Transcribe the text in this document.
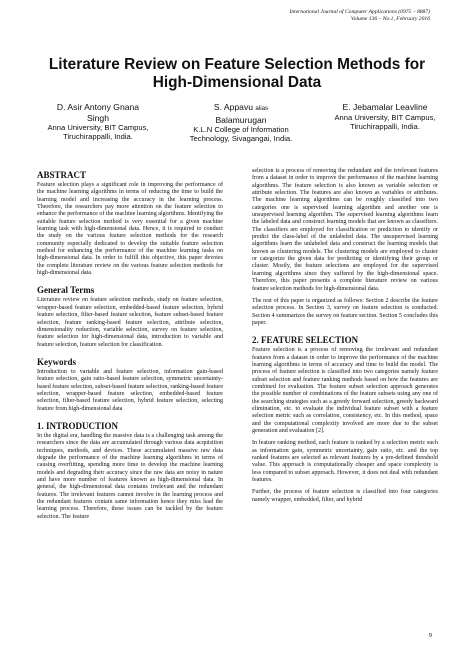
International Journal of Computer Applications (0975 – 8887)
Volume 136 – No.1, February 2016
Literature Review on Feature Selection Methods for
High-Dimensional Data
D. Asir Antony Gnana
Singh
Anna University, BIT Campus,
Tiruchirappalli, India.
S. Appavu alias
Balamurugan
K.L.N College of Information
Technology, Sivagangai, India.
E. Jebamalar Leavline
Anna University, BIT Campus,
Tiruchirappalli, India.
ABSTRACT

Feature selection plays a significant role in improving the performance of the machine learning algorithms in terms of reducing the time to build the learning model and increasing the accuracy in the learning process. Therefore, the researchers pay more attention on the feature selection to enhance the performance of the machine learning algorithms. Identifying the suitable feature selection method is very essential for a given machine learning task with high-dimensional data. Hence, it is required to conduct the study on the various feature selection methods for the research community especially dedicated to develop the suitable feature selection method for enhancing the performance of the machine learning tasks on high-dimensional data. In order to fulfill this objective, this paper devotes the complete literature review on the various feature selection methods for high-dimensional data.

General Terms

Literature review on feature selection methods, study on feature selection, wrapper-based feature selection, embedded-based feature selection, hybrid feature selection, filter-based feature selection, feature subset-based feature selection, feature ranking-based feature selection, attribute selection, dimensionality reduction, variable selection, survey on feature selection, feature selection for high-dimensional data, introduction to variable and feature selection, feature selection for classification.

Keywords

Introduction to variable and feature selection, information gain-based feature selection, gain ratio-based feature selection, symmetric uncertainty-based feature selection, subset-based feature selection, ranking-based feature selection, wrapper-based feature selection, embedded-based feature selection, filter-based feature selection, hybrid feature selection, selecting feature from high-dimensional data

1. INTRODUCTION

In the digital era, handling the massive data is a challenging task among the researchers since the data are accumulated through various data acquisition techniques, methods, and devices. These accumulated massive raw data degrade the performance of the machine learning algorithms in terms of causing overfitting, spending more time to develop the machine learning models and degrading their accuracy since the raw data are noisy in nature and have more number of features known as high-dimensional data. In general, the high-dimensional data contains irrelevant and the redundant features. The irrelevant features cannot involve in the learning process and the redundant features contain same information hence they miss lead the learning process. Therefore, these issues can be tackled by the feature selection. The feature

selection is a process of removing the redundant and the irrelevant features from a dataset in order to improve the performance of the machine learning algorithms. The feature selection is also known as variable selection or attribute selection. The features are also known as variables or attributes. The machine learning algorithms can be roughly classified into two categories one is supervised learning algorithm and another one is unsupervised learning algorithm. The supervised learning algorithms learn the labeled data and construct learning models that are known as classifiers. The classifiers are employed for classification or prediction to identify or predict the class-label of the unlabeled data. The unsupervised learning algorithms learn the unlabeled data and construct the learning models that known as clustering models. The clustering models are employed to cluster or categorize the given data for predicting or identifying their group or cluster. Mostly, the feature selections are employed for the supervised learning algorithms since they suffered by the high-dimensional space. Therefore, this paper presents a complete literature review on various feature selection methods for high-dimensional data.

The rest of this paper is organized as follows: Section 2 describe the feature selection process. In Section 3, survey on feature selection is conducted. Section 4 summarizes the survey on feature section. Section 5 concludes this paper.

2. FEATURE SELECTION

Feature selection is a process of removing the irrelevant and redundant features from a dataset in order to improve the performance of the machine learning algorithms in terms of accuracy and time to build the model. The process of feature selection is classified into two categories namely feature subset selection and feature ranking methods based on how the features are combined for evaluation. The feature subset selection approach generates the possible number of combinations of the feature subsets using any one of the searching strategies such as a greedy forward selection, greedy backward elimination, etc. to evaluate the individual feature subset with a feature selection metric such as correlation, consistency, etc. In this method, space and the computational complexity involved are more due to the subset generation and evaluation [2].

In feature ranking method, each feature is ranked by a selection metric such as information gain, symmetric uncertainty, gain ratio, etc. and the top ranked features are selected as relevant features by a pre-defined threshold value. This approach is computationally cheaper and space complexity is less compared to subset approach. However, it does not deal with redundant features.

Further, the process of feature selection is classified into four categories namely wrapper, embedded, filter, and hybrid

9
